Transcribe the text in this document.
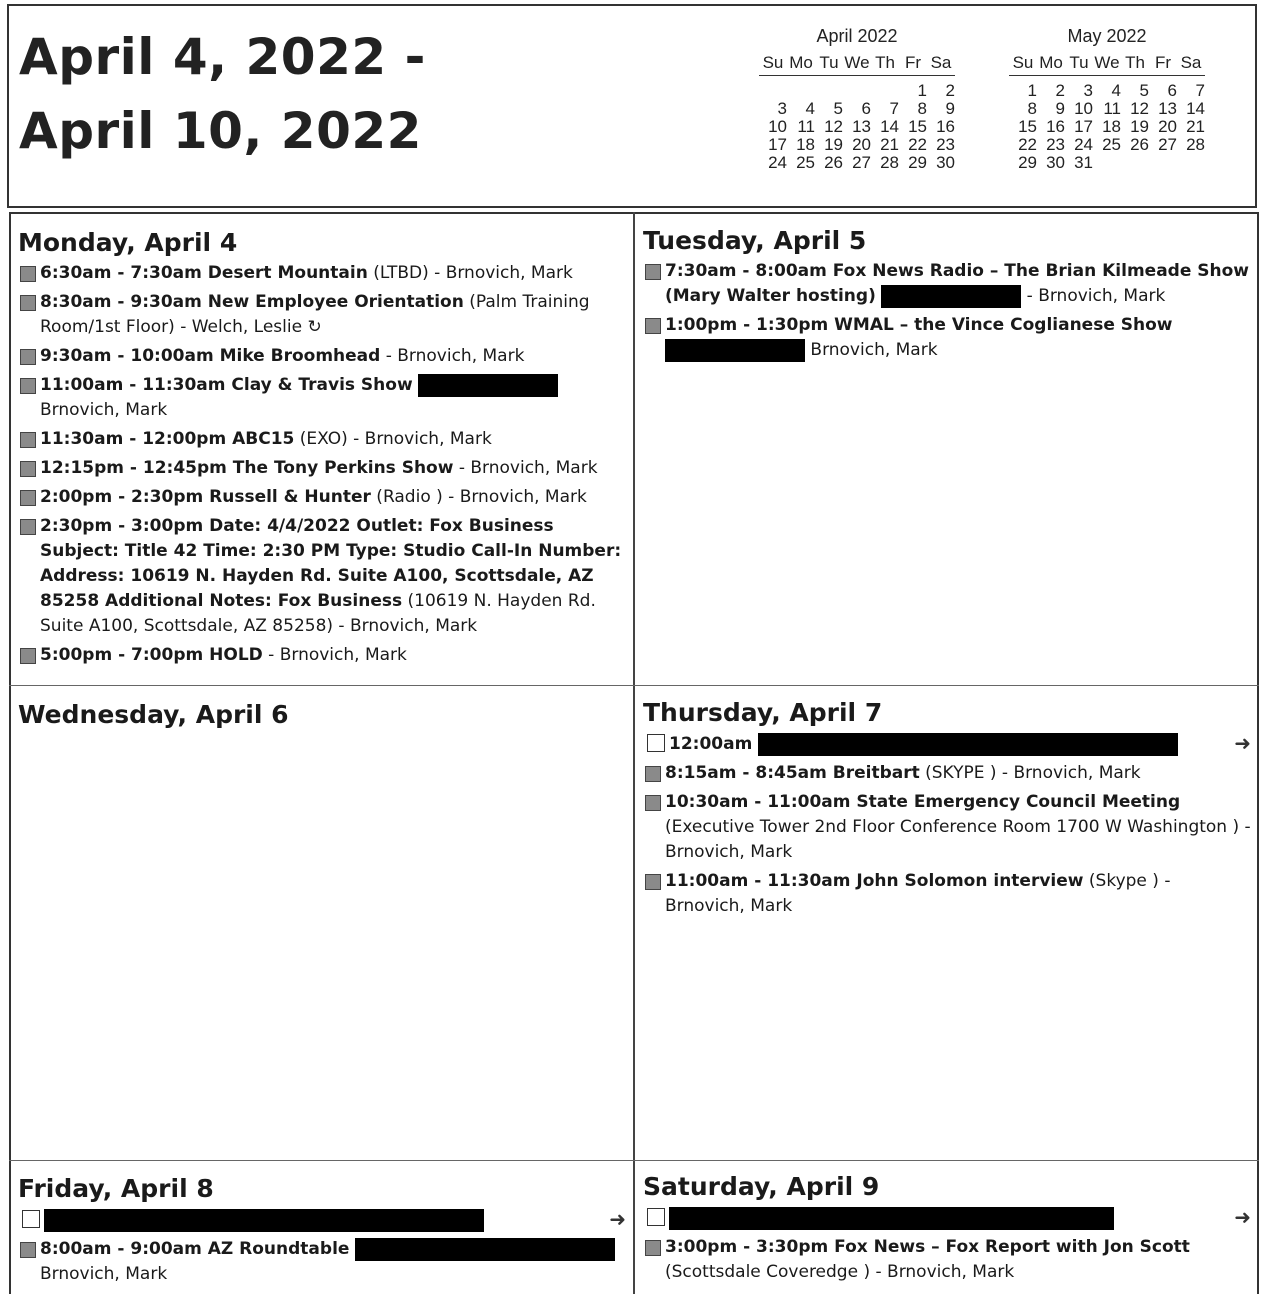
April 4, 2022 -
April 10, 2022
April 2022
Su	Mo	Tu	We	Th	Fr	Sa

					1	2
3	4	5	6	7	8	9
10	11	12	13	14	15	16
17	18	19	20	21	22	23
24	25	26	27	28	29	30
May 2022
Su	Mo	Tu	We	Th	Fr	Sa

1	2	3	4	5	6	7
8	9	10	11	12	13	14
15	16	17	18	19	20	21
22	23	24	25	26	27	28
29	30	31				
Monday, April 4
6:30am - 7:30am Desert Mountain (LTBD) - Brnovich, Mark
8:30am - 9:30am New Employee Orientation (Palm Training Room/1st Floor) - Welch, Leslie ↻
9:30am - 10:00am Mike Broomhead - Brnovich, Mark
11:00am - 11:30am Clay & Travis Show  Brnovich, Mark
11:30am - 12:00pm ABC15 (EXO) - Brnovich, Mark
12:15pm - 12:45pm The Tony Perkins Show - Brnovich, Mark
2:00pm - 2:30pm Russell & Hunter (Radio ) - Brnovich, Mark
2:30pm - 3:00pm Date: 4/4/2022 Outlet: Fox Business Subject: Title 42 Time: 2:30 PM Type: Studio Call-In Number: Address: 10619 N. Hayden Rd. Suite A100, Scottsdale, AZ 85258 Additional Notes: Fox Business (10619 N. Hayden Rd. Suite A100, Scottsdale, AZ 85258) - Brnovich, Mark
5:00pm - 7:00pm HOLD - Brnovich, Mark
Tuesday, April 5
7:30am - 8:00am Fox News Radio – The Brian Kilmeade Show (Mary Walter hosting)	- Brnovich, Mark
1:00pm - 1:30pm WMAL – the Vince Coglianese Show  Brnovich, Mark
Wednesday, April 6	Thursday, April 7
12:00am	➜
8:15am - 8:45am Breitbart (SKYPE ) - Brnovich, Mark
10:30am - 11:00am State Emergency Council Meeting (Executive Tower 2nd Floor Conference Room 1700 W Washington ) - Brnovich, Mark
11:00am - 11:30am John Solomon interview (Skype ) - Brnovich, Mark
Friday, April 8
➜
8:00am - 9:00am AZ Roundtable  Brnovich, Mark
Saturday, April 9
➜
3:00pm - 3:30pm Fox News – Fox Report with Jon Scott (Scottsdale Coveredge ) - Brnovich, Mark
